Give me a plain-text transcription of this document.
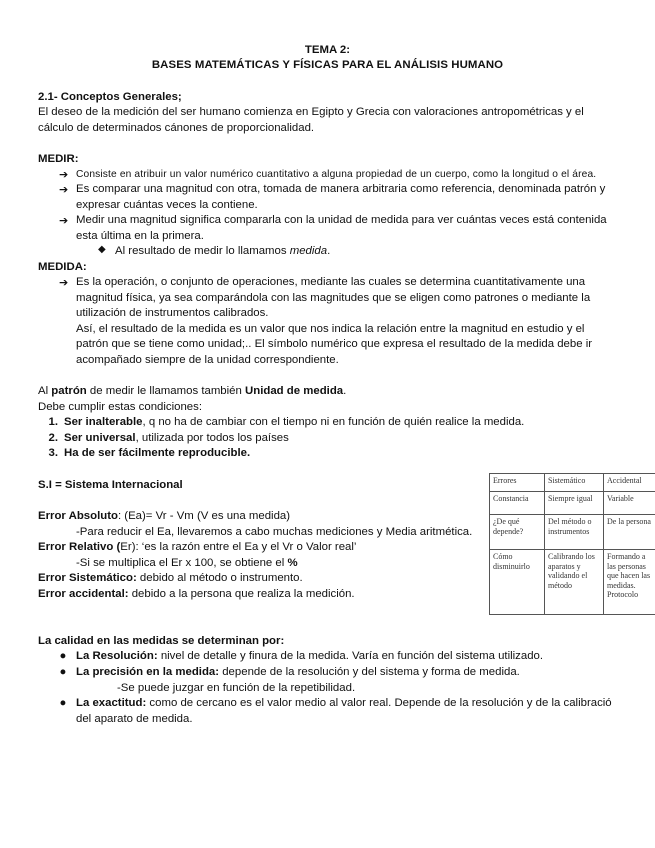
TEMA 2:
BASES MATEMÁTICAS Y FÍSICAS PARA EL ANÁLISIS HUMANO
2.1- Conceptos Generales;
El deseo de la medición del ser humano comienza en Egipto y Grecia con valoraciones antropométricas y el
cálculo de determinados cánones de proporcionalidad.
MEDIR:
➔ Consiste en atribuir un valor numérico cuantitativo a alguna propiedad de un cuerpo, como la longitud o el área.
➔ Es comparar una magnitud con otra, tomada de manera arbitraria como referencia, denominada patrón y
expresar cuántas veces la contiene.
➔ Medir una magnitud significa compararla con la unidad de medida para ver cuántas veces está contenida
esta última en la primera.
◆ Al resultado de medir lo llamamos medida.
MEDIDA:
➔ Es la operación, o conjunto de operaciones, mediante las cuales se determina cuantitativamente una
magnitud física, ya sea comparándola con las magnitudes que se eligen como patrones o mediante la
utilización de instrumentos calibrados.
Así, el resultado de la medida es un valor que nos indica la relación entre la magnitud en estudio y el
patrón que se tiene como unidad;.. El símbolo numérico que expresa el resultado de la medida debe ir
acompañado siempre de la unidad correspondiente.
Al patrón de medir le llamamos también Unidad de medida.
Debe cumplir estas condiciones:
1. Ser inalterable, q no ha de cambiar con el tiempo ni en función de quién realice la medida.
2. Ser universal, utilizada por todos los países
3. Ha de ser fácilmente reproducible.
S.I = Sistema Internacional
Error Absoluto: (Ea)= Vr - Vm (V es una medida)
-Para reducir el Ea, llevaremos a cabo muchas mediciones y Media aritmética.
Error Relativo (Er): ‘es la razón entre el Ea y el Vr o Valor real’
-Si se multiplica el Er x 100, se obtiene el %
Error Sistemático: debido al método o instrumento.
Error accidental: debido a la persona que realiza la medición.
Errores	Sistemático	Accidental
Constancia	Siempre igual	Variable
¿De qué depende?	Del método o instrumentos	De la persona
Cómo disminuirlo	Calibrando los aparatos y validando el método	Formando a las personas que hacen las medidas. Protocolo
La calidad en las medidas se determinan por:
● La Resolución: nivel de detalle y finura de la medida. Varía en función del sistema utilizado.
● La precisión en la medida: depende de la resolución y del sistema y forma de medida.
-Se puede juzgar en función de la repetibilidad.
● La exactitud: como de cercano es el valor medio al valor real. Depende de la resolución y de la calibració
del aparato de medida.
